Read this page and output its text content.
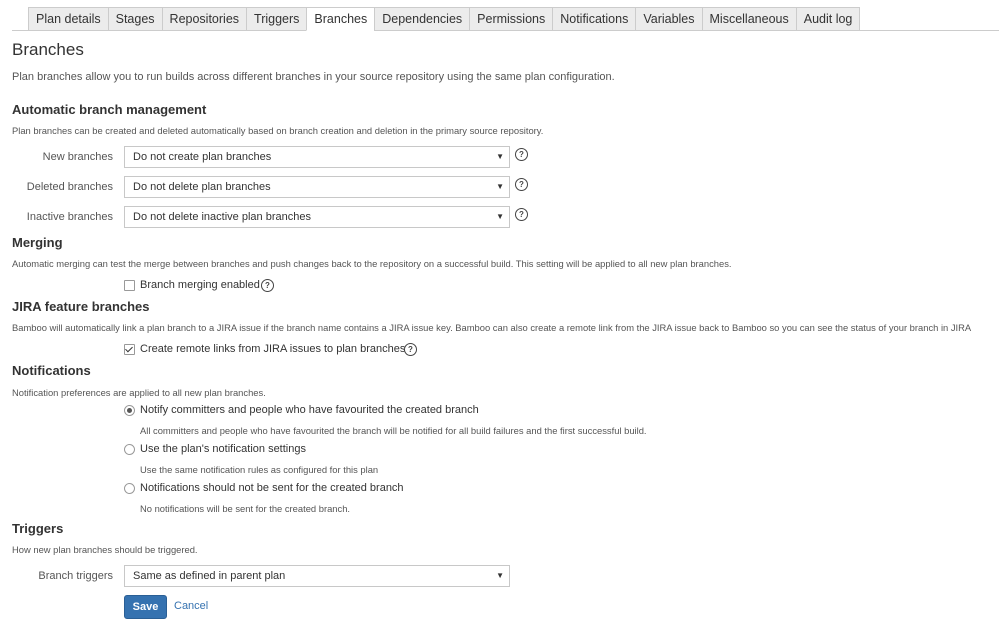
Plan details	Stages	Repositories	Triggers	Branches	Dependencies	Permissions	Notifications	Variables	Miscellaneous	Audit log
Branches
Plan branches allow you to run builds across different branches in your source repository using the same plan configuration.
Automatic branch management
Plan branches can be created and deleted automatically based on branch creation and deletion in the primary source repository.
New branches	Do not create plan branches	▼	?
Deleted branches	Do not delete plan branches	▼	?
Inactive branches	Do not delete inactive plan branches	▼	?
Merging
Automatic merging can test the merge between branches and push changes back to the repository on a successful build. This setting will be applied to all new plan branches.
Branch merging enabled ?
JIRA feature branches
Bamboo will automatically link a plan branch to a JIRA issue if the branch name contains a JIRA issue key. Bamboo can also create a remote link from the JIRA issue back to Bamboo so you can see the status of your branch in JIRA
Create remote links from JIRA issues to plan branches ?
Notifications
Notification preferences are applied to all new plan branches.
Notify committers and people who have favourited the created branch
All committers and people who have favourited the branch will be notified for all build failures and the first successful build.
Use the plan's notification settings
Use the same notification rules as configured for this plan
Notifications should not be sent for the created branch
No notifications will be sent for the created branch.
Triggers
How new plan branches should be triggered.
Branch triggers	Same as defined in parent plan	▼
Save	Cancel
